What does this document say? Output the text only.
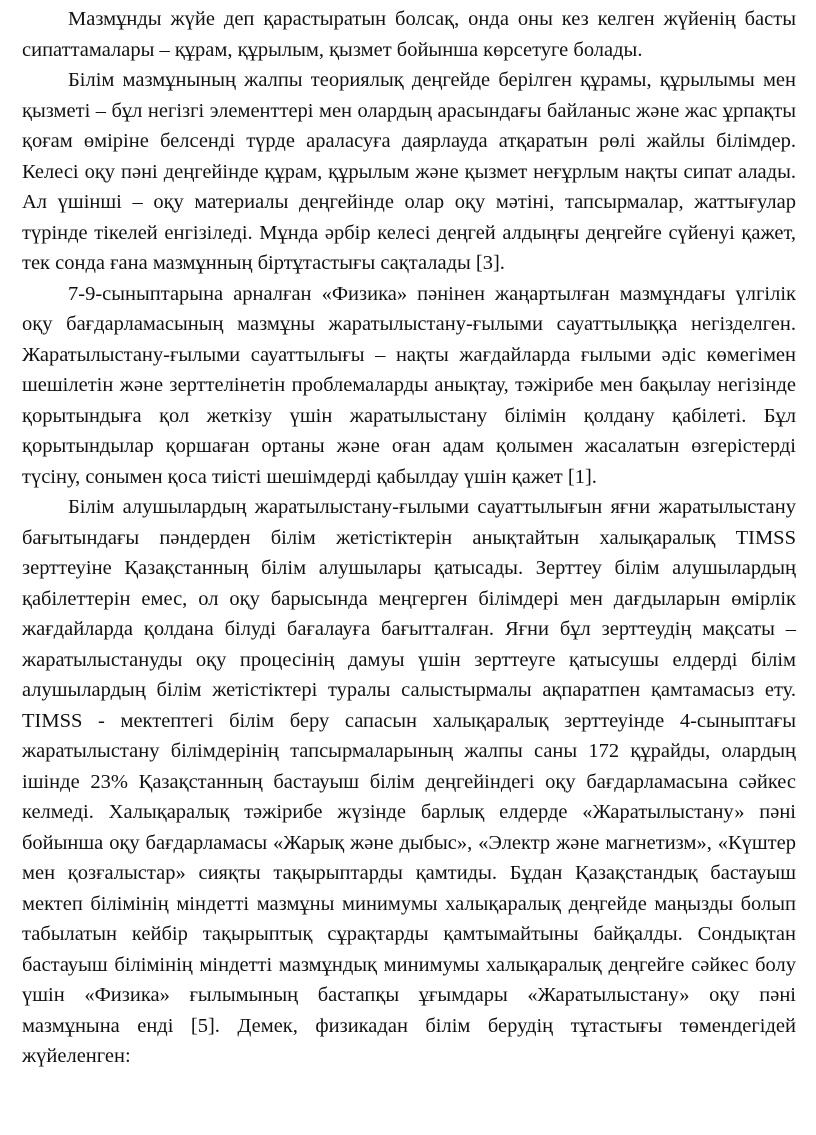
Мазмұнды жүйе деп қарастыратын болсақ, онда оны кез келген жүйенің басты сипаттамалары – құрам, құрылым, қызмет бойынша көрсетуге болады.

Білім мазмұнының жалпы теориялық деңгейде берілген құрамы, құрылымы мен қызметі – бұл негізгі элементтері мен олардың арасындағы байланыс және жас ұрпақты қоғам өміріне белсенді түрде араласуға даярлауда атқаратын рөлі жайлы білімдер. Келесі оқу пәні деңгейінде құрам, құрылым және қызмет неғұрлым нақты сипат алады. Ал үшінші – оқу материалы деңгейінде олар оқу мәтіні, тапсырмалар, жаттығулар түрінде тікелей енгізіледі. Мұнда әрбір келесі деңгей алдыңғы деңгейге сүйенуі қажет, тек сонда ғана мазмұнның біртұтастығы сақталады [3].

7-9-сыныптарына арналған «Физика» пәнінен жаңартылған мазмұндағы үлгілік оқу бағдарламасының мазмұны жаратылыстану-ғылыми сауаттылыққа негізделген. Жаратылыстану-ғылыми сауаттылығы – нақты жағдайларда ғылыми әдіс көмегімен шешілетін және зерттелінетін проблемаларды анықтау, тәжірибе мен бақылау негізінде қорытындыға қол жеткізу үшін жаратылыстану білімін қолдану қабілеті. Бұл қорытындылар қоршаған ортаны және оған адам қолымен жасалатын өзгерістерді түсіну, сонымен қоса тиісті шешімдерді қабылдау үшін қажет [1].

Білім алушылардың жаратылыстану-ғылыми сауаттылығын яғни жаратылыстану бағытындағы пәндерден білім жетістіктерін анықтайтын халықаралық TIMSS зерттеуіне Қазақстанның білім алушылары қатысады. Зерттеу білім алушылардың қабілеттерін емес, ол оқу барысында меңгерген білімдері мен дағдыларын өмірлік жағдайларда қолдана білуді бағалауға бағытталған. Яғни бұл зерттеудің мақсаты – жаратылыстануды оқу процесінің дамуы үшін зерттеуге қатысушы елдерді білім алушылардың білім жетістіктері туралы салыстырмалы ақпаратпен қамтамасыз ету. TIMSS - мектептегі білім беру сапасын халықаралық зерттеуінде 4-сыныптағы жаратылыстану білімдерінің тапсырмаларының жалпы саны 172 құрайды, олардың ішінде 23% Қазақстанның бастауыш білім деңгейіндегі оқу бағдарламасына сәйкес келмеді. Халықаралық тәжірибе жүзінде барлық елдерде «Жаратылыстану» пәні бойынша оқу бағдарламасы «Жарық және дыбыс», «Электр және магнетизм», «Күштер мен қозғалыстар» сияқты тақырыптарды қамтиды. Бұдан Қазақстандық бастауыш мектеп білімінің міндетті мазмұны минимумы халықаралық деңгейде маңызды болып табылатын кейбір тақырыптық сұрақтарды қамтымайтыны байқалды. Сондықтан бастауыш білімінің міндетті мазмұндық минимумы халықаралық деңгейге сәйкес болу үшін «Физика» ғылымының бастапқы ұғымдары «Жаратылыстану» оқу пәні мазмұнына енді [5]. Демек, физикадан білім берудің тұтастығы төмендегідей жүйеленген:
